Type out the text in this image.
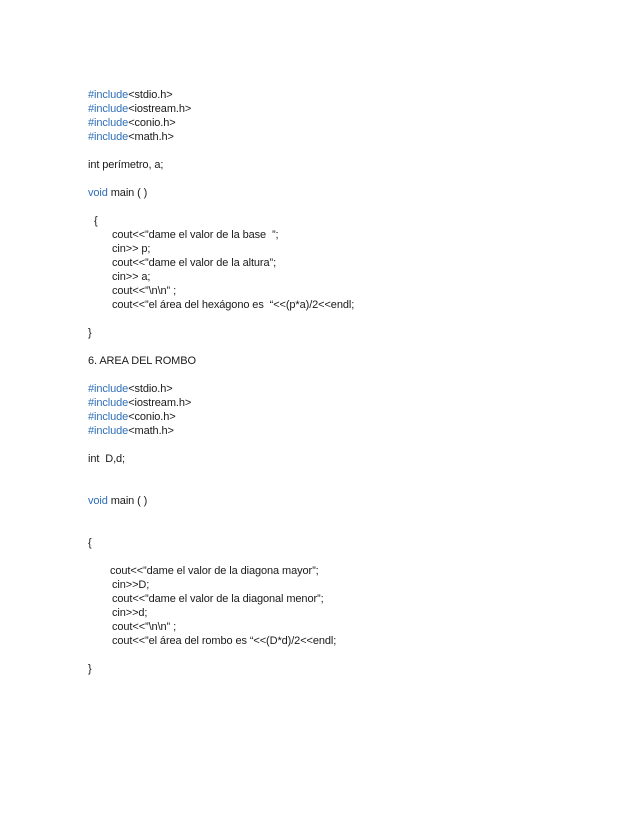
#include<stdio.h>
#include<iostream.h>
#include<conio.h>
#include<math.h>
int perímetro, a;
void main ( )
{
cout<<”dame el valor de la base  ”;
cin>> p;
cout<<”dame el valor de la altura”;
cin>> a;
cout<<”\n\n” ;
cout<<”el área del hexágono es  “<<(p*a)/2<<endl;
}
6. AREA DEL ROMBO
#include<stdio.h>
#include<iostream.h>
#include<conio.h>
#include<math.h>
int  D,d;
void main ( )
{
cout<<”dame el valor de la diagona mayor”;
cin>>D;
cout<<”dame el valor de la diagonal menor”;
cin>>d;
cout<<”\n\n” ;
cout<<”el área del rombo es “<<(D*d)/2<<endl;
}
